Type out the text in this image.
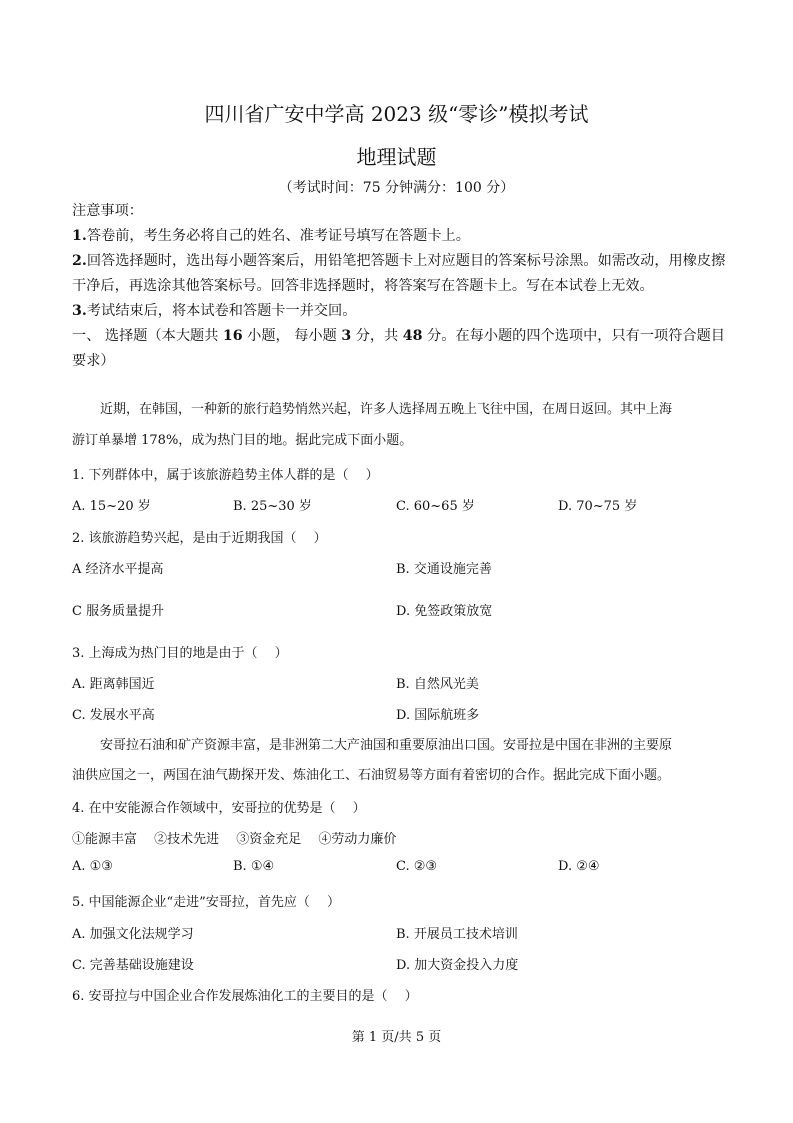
四川省广安中学高 2023 级“零诊”模拟考试
地理试题
（考试时间：75 分钟满分：100 分）

注意事项：

1.答卷前，考生务必将自己的姓名、准考证号填写在答题卡上。

2.回答选择题时，选出每小题答案后，用铅笔把答题卡上对应题目的答案标号涂黑。如需改动，用橡皮擦干净后，再选涂其他答案标号。回答非选择题时，将答案写在答题卡上。写在本试卷上无效。

3.考试结束后，将本试卷和答题卡一并交回。

一、 选择题（本大题共 16 小题， 每小题 3 分，共 48 分。在每小题的四个选项中，只有一项符合题目要求）

近期，在韩国，一种新的旅行趋势悄然兴起，许多人选择周五晚上飞往中国，在周日返回。其中上海
游订单暴增 178%，成为热门目的地。据此完成下面小题。
1. 下列群体中，属于该旅游趋势主体人群的是（　 ）
A. 15~20 岁	B. 25~30 岁	C. 60~65 岁	D. 70~75 岁
2. 该旅游趋势兴起，是由于近期我国（　 ）
A 经济水平提高	B. 交通设施完善
C 服务质量提升	D. 免签政策放宽
3. 上海成为热门目的地是由于（　 ）
A. 距离韩国近	B. 自然风光美
C. 发展水平高	D. 国际航班多
安哥拉石油和矿产资源丰富，是非洲第二大产油国和重要原油出口国。安哥拉是中国在非洲的主要原
油供应国之一，两国在油气勘探开发、炼油化工、石油贸易等方面有着密切的合作。据此完成下面小题。
4. 在中安能源合作领域中，安哥拉的优势是（　 ）
①能源丰富　 ②技术先进　 ③资金充足　 ④劳动力廉价
A. ①③	B. ①④	C. ②③	D. ②④
5. 中国能源企业“走进”安哥拉，首先应（　 ）
A. 加强文化法规学习	B. 开展员工技术培训
C. 完善基础设施建设	D. 加大资金投入力度
6. 安哥拉与中国企业合作发展炼油化工的主要目的是（　 ）
第 1 页/共 5 页
